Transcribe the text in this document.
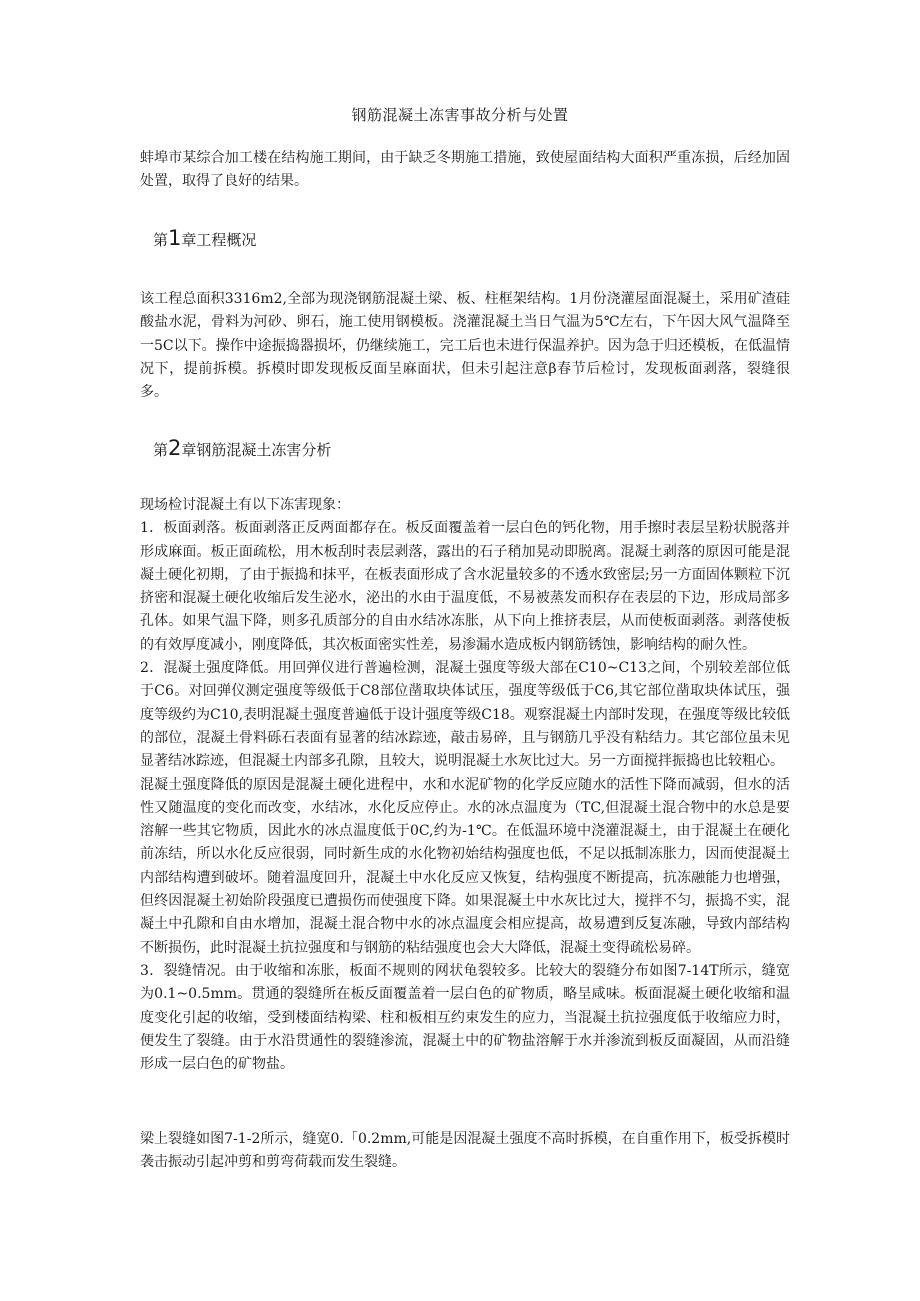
钢筋混凝土冻害事故分析与处置

蚌埠市某综合加工楼在结构施工期间，由于缺乏冬期施工措施，致使屋面结构大面积严重冻损，后经加固处置，取得了良好的结果。

第1章工程概况

该工程总面积3316m2,全部为现浇钢筋混凝土梁、板、柱框架结构。1月份浇灌屋面混凝土，采用矿渣硅酸盐水泥，骨料为河砂、卵石，施工使用钢模板。浇灌混凝土当日气温为5℃左右，下午因大风气温降至一5C以下。操作中途振捣器损坏，仍继续施工，完工后也未进行保温养护。因为急于归还模板，在低温情况下，提前拆模。拆模时即发现板反面呈麻面状，但未引起注意β春节后检讨，发现板面剥落，裂缝很多。

第2章钢筋混凝土冻害分析

现场检讨混凝土有以下冻害现象：

1．板面剥落。板面剥落正反两面都存在。板反面覆盖着一层白色的钙化物，用手擦时表层呈粉状脱落并形成麻面。板正面疏松，用木板刮时表层剥落，露出的石子稍加晃动即脱离。混凝土剥落的原因可能是混凝土硬化初期，了由于振捣和抹平，在板表面形成了含水泥量较多的不透水致密层;另一方面固体颗粒下沉挤密和混凝土硬化收缩后发生泌水，泌出的水由于温度低，不易被蒸发而积存在表层的下边，形成局部多孔体。如果气温下降，则多孔质部分的自由水结冰冻胀，从下向上推挤表层，从而使板面剥落。剥落使板的有效厚度减小，刚度降低，其次板面密实性差，易渗漏水造成板内钢筋锈蚀，影响结构的耐久性。

2．混凝土强度降低。用回弹仪进行普遍检测，混凝土强度等级大部在C10~C13之间，个别较差部位低于C6。对回弹仪测定强度等级低于C8部位凿取块体试压，强度等级低于C6,其它部位凿取块体试压，强度等级约为C10,表明混凝土强度普遍低于设计强度等级C18。观察混凝土内部时发现，在强度等级比较低的部位，混凝土骨料砾石表面有显著的结冰踪迹，敲击易碎，且与钢筋几乎没有粘结力。其它部位虽未见显著结冰踪迹，但混凝土内部多孔隙，且较大，说明混凝土水灰比过大。另一方面搅拌振捣也比较粗心。

混凝土强度降低的原因是混凝土硬化进程中，水和水泥矿物的化学反应随水的活性下降而减弱，但水的活性又随温度的变化而改变，水结冰，水化反应停止。水的冰点温度为（TC,但混凝土混合物中的水总是要溶解一些其它物质，因此水的冰点温度低于0C,约为-1℃。在低温环境中浇灌混凝土，由于混凝土在硬化前冻结，所以水化反应很弱，同时新生成的水化物初始结构强度也低，不足以抵制冻胀力，因而使混凝土内部结构遭到破坏。随着温度回升，混凝土中水化反应又恢复，结构强度不断提高，抗冻融能力也增强，但终因混凝土初始阶段强度已遭损伤而使强度下降。如果混凝土中水灰比过大，搅拌不匀，振捣不实，混凝土中孔隙和自由水增加，混凝土混合物中水的冰点温度会相应提高，故易遭到反复冻融，导致内部结构不断损伤，此时混凝土抗拉强度和与钢筋的粘结强度也会大大降低，混凝土变得疏松易碎。

3．裂缝情况。由于收缩和冻胀，板面不规则的网状龟裂较多。比较大的裂缝分布如图7-14T所示，缝宽为0.1~0.5mm。贯通的裂缝所在板反面覆盖着一层白色的矿物质，略呈咸味。板面混凝土硬化收缩和温度变化引起的收缩，受到楼面结构梁、柱和板相互约束发生的应力，当混凝土抗拉强度低于收缩应力时，便发生了裂缝。由于水沿贯通性的裂缝渗流，混凝土中的矿物盐溶解于水并渗流到板反面凝固，从而沿缝形成一层白色的矿物盐。

梁上裂缝如图7-1-2所示，缝宽0.「0.2mm,可能是因混凝土强度不高时拆模，在自重作用下，板受拆模时袭击振动引起冲剪和剪弯荷载而发生裂缝。
